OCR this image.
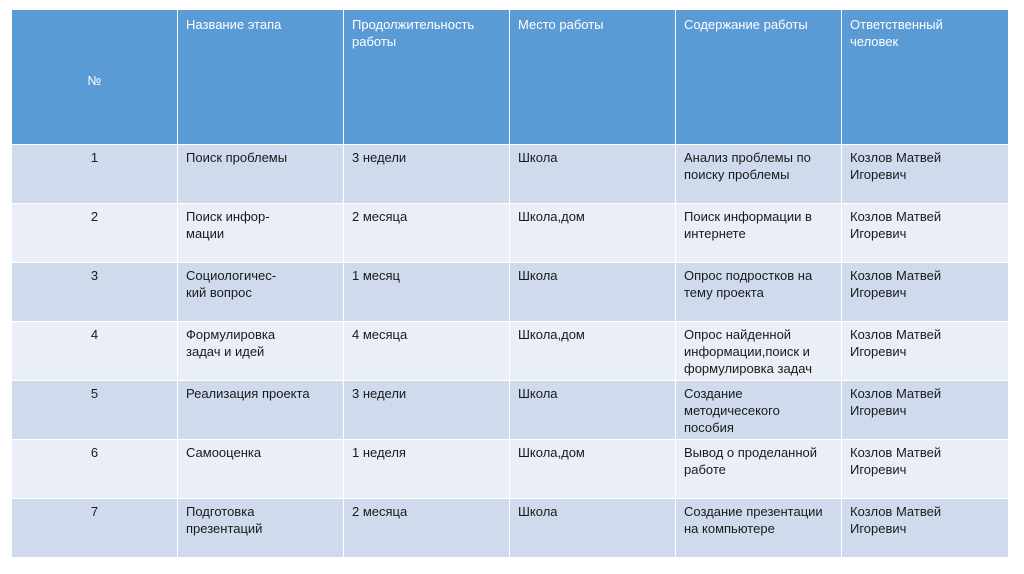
№	Название этапа	Продолжительность
работы	Место работы	Содержание работы	Ответственный
человек

1	Поиск проблемы	3 недели	Школа	Анализ проблемы по
поиску проблемы	Козлов Матвей
Игоревич

2	Поиск инфор-
мации	2 месяца	Школа,дом	Поиск информации в
интернете	Козлов Матвей
Игоревич

3	Социологичес-
кий вопрос	1 месяц	Школа	Опрос подростков на
тему проекта	Козлов Матвей
Игоревич

4	Формулировка
задач и идей	4 месяца	Школа,дом	Опрос найденной
информации,поиск и
формулировка задач	Козлов Матвей
Игоревич

5	Реализация проекта	3 недели	Школа	Создание
методичесекого
пособия	Козлов Матвей
Игоревич

6	Самооценка	1 неделя	Школа,дом	Вывод о проделанной
работе	Козлов Матвей
Игоревич

7	Подготовка
презентаций	2 месяца	Школа	Создание презентации
на компьютере	Козлов Матвей
Игоревич
